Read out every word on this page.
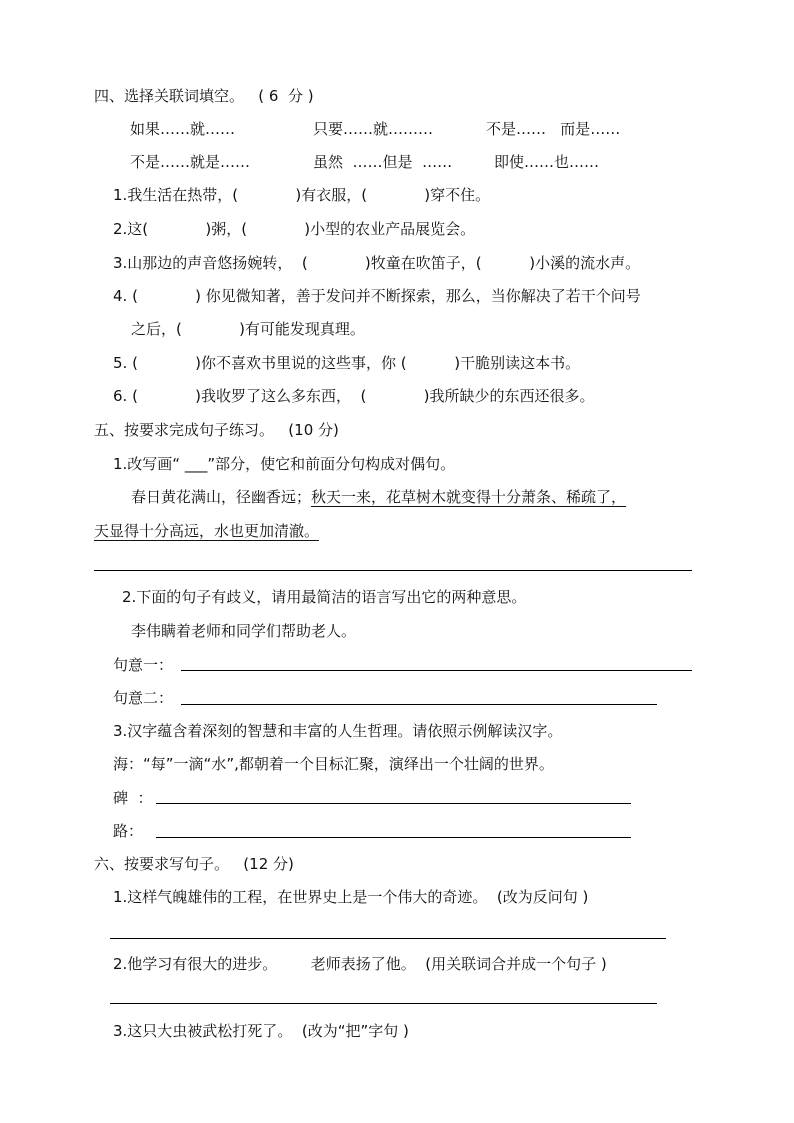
四、选择关联词填空。   ( 6  分 )
如果……就……	只要……就………	不是……   而是……
不是……就是……	虽然  ……但是  ……	即使……也……
1.我生活在热带，(            )有衣服，(            )穿不住。
2.这(            )粥，(            )小型的农业产品展览会。
3.山那边的声音悠扬婉转，  (            )牧童在吹笛子，(          )小溪的流水声。
4. (            ) 你见微知著，善于发问并不断探索，那么，当你解决了若干个问号
之后，(            )有可能发现真理。
5. (            )你不喜欢书里说的这些事，你 (          )干脆别读这本书。
6. (            )我收罗了这么多东西，  (            )我所缺少的东西还很多。
五、按要求完成句子练习。   (10 分)
1.改写画“ ___”部分，使它和前面分句构成对偶句。
春日黄花满山，径幽香远；秋天一来，花草树木就变得十分萧条、稀疏了，
天显得十分高远，水也更加清澈。
2.下面的句子有歧义，请用最简洁的语言写出它的两种意思。
李伟瞒着老师和同学们帮助老人。
句意一：
句意二：
3.汉字蕴含着深刻的智慧和丰富的人生哲理。请依照示例解读汉字。
海：“每”一滴“水”,都朝着一个目标汇聚，演绎出一个壮阔的世界。
碑  ：
路：
六、按要求写句子。   (12 分)
1.这样气魄雄伟的工程，在世界史上是一个伟大的奇迹。  (改为反问句 )
2.他学习有很大的进步。       老师表扬了他。  (用关联词合并成一个句子 )
3.这只大虫被武松打死了。  (改为“把”字句 )
